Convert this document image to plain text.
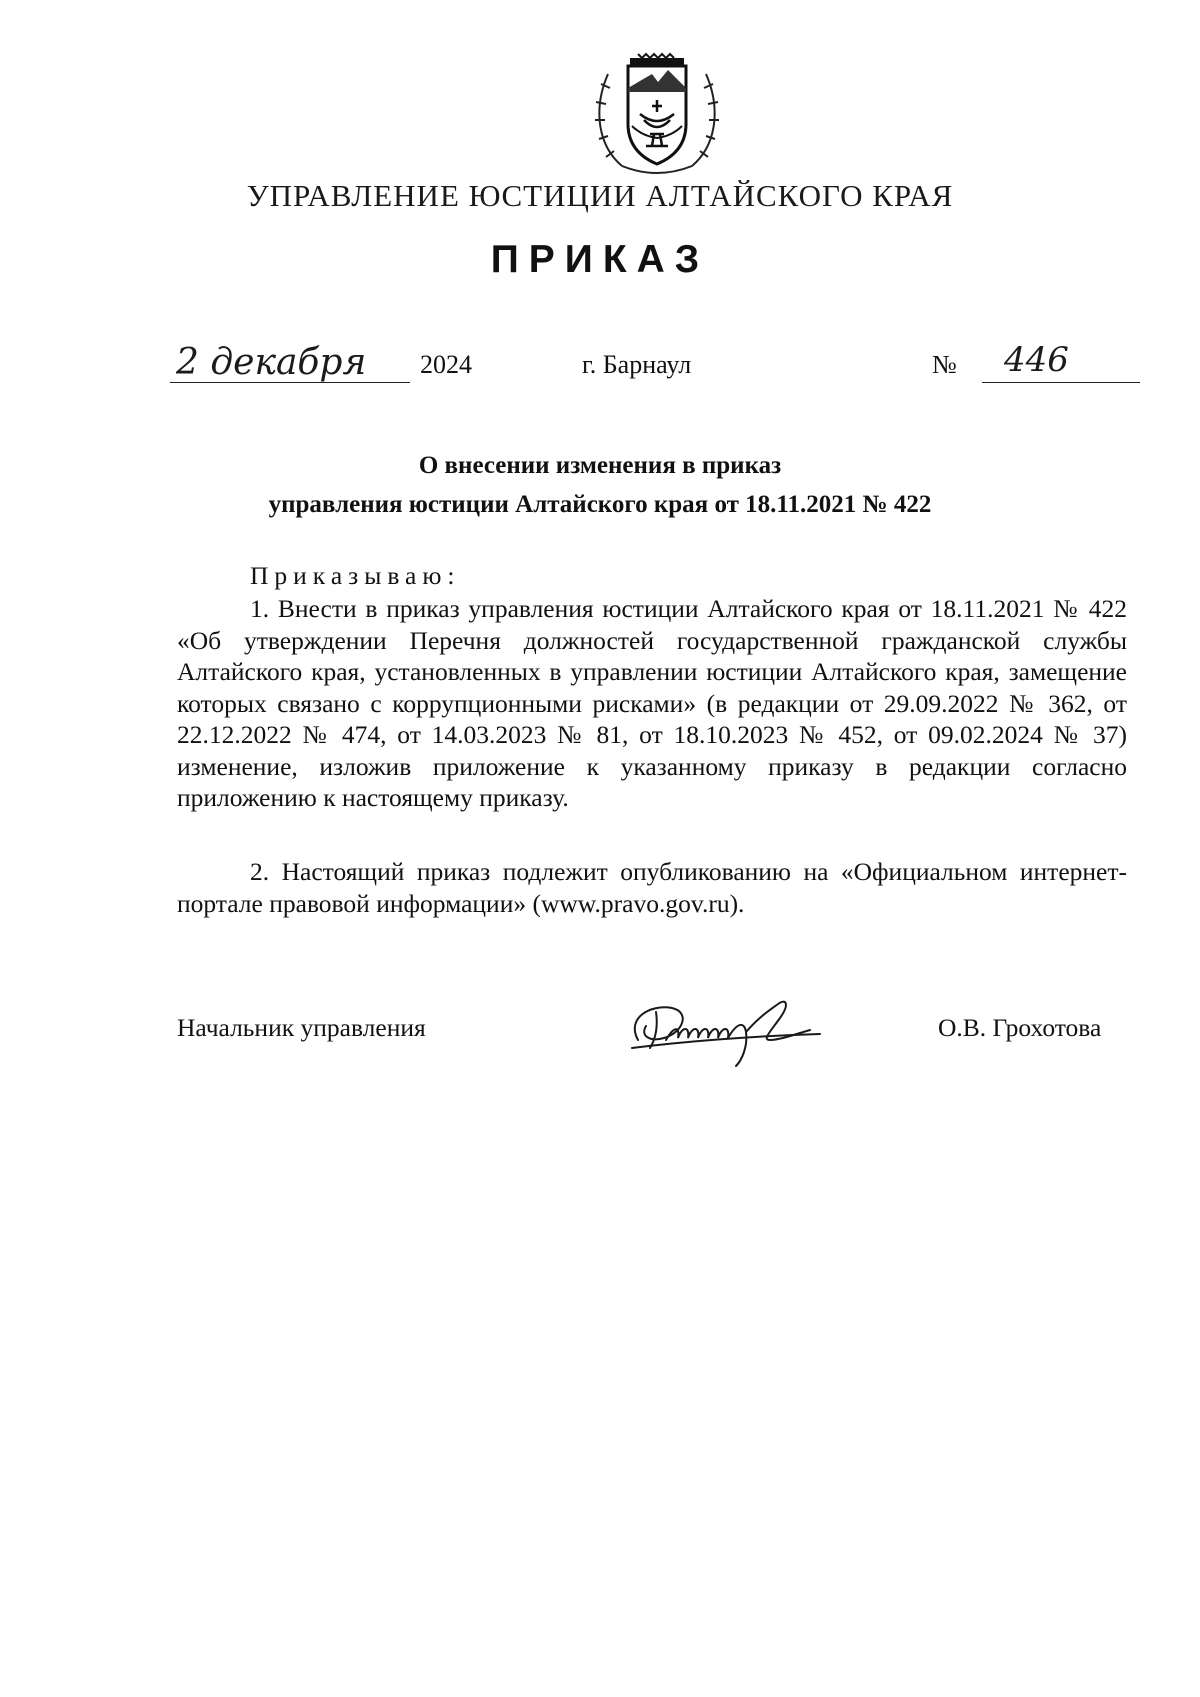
УПРАВЛЕНИЕ ЮСТИЦИИ АЛТАЙСКОГО КРАЯ
ПРИКАЗ
2 декабря 2024	г. Барнаул	№ 446
О внесении изменения в приказ
управления юстиции Алтайского края от 18.11.2021 № 422
Приказываю:
1. Внести в приказ управления юстиции Алтайского края от 18.11.2021 № 422 «Об утверждении Перечня должностей государственной гражданской службы Алтайского края, установленных в управлении юстиции Алтайского края, замещение которых связано с коррупционными рисками» (в редакции от 29.09.2022 № 362, от 22.12.2022 № 474, от 14.03.2023 № 81, от 18.10.2023 № 452, от 09.02.2024 № 37) изменение, изложив приложение к указанному приказу в редакции согласно приложению к настоящему приказу.
2. Настоящий приказ подлежит опубликованию на «Официальном интернет-портале правовой информации» (www.pravo.gov.ru).
Начальник управления	О.В. Грохотова
